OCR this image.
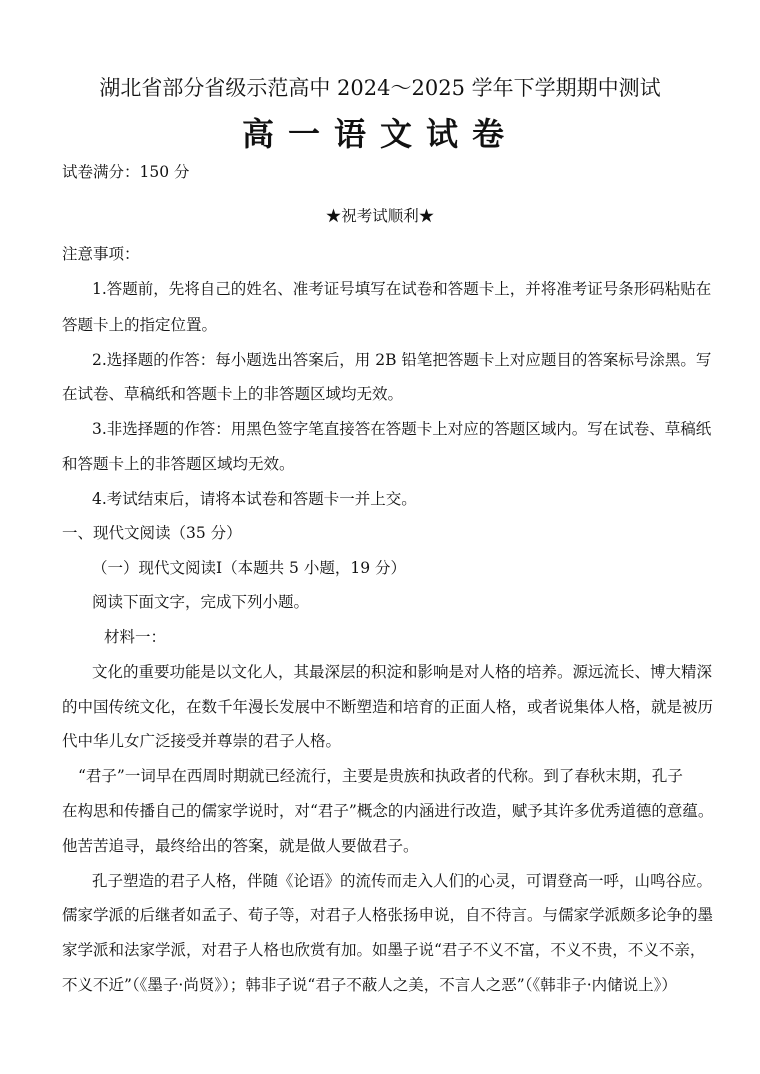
湖北省部分省级示范高中 2024～2025 学年下学期期中测试
高一语文试卷
试卷满分：150 分
★祝考试顺利★
注意事项：
1.答题前，先将自己的姓名、准考证号填写在试卷和答题卡上，并将准考证号条形码粘贴在
答题卡上的指定位置。
2.选择题的作答：每小题选出答案后，用 2B 铅笔把答题卡上对应题目的答案标号涂黑。写
在试卷、草稿纸和答题卡上的非答题区域均无效。
3.非选择题的作答：用黑色签字笔直接答在答题卡上对应的答题区域内。写在试卷、草稿纸
和答题卡上的非答题区域均无效。
4.考试结束后，请将本试卷和答题卡一并上交。
一、现代文阅读（35 分）
（一）现代文阅读Ⅰ（本题共 5 小题，19 分）
阅读下面文字，完成下列小题。
材料一：
文化的重要功能是以文化人，其最深层的积淀和影响是对人格的培养。源远流长、博大精深
的中国传统文化，在数千年漫长发展中不断塑造和培育的正面人格，或者说集体人格，就是被历
代中华儿女广泛接受并尊崇的君子人格。
“君子”一词早在西周时期就已经流行，主要是贵族和执政者的代称。到了春秋末期，孔子
在构思和传播自己的儒家学说时，对“君子”概念的内涵进行改造，赋予其许多优秀道德的意蕴。
他苦苦追寻，最终给出的答案，就是做人要做君子。
孔子塑造的君子人格，伴随《论语》的流传而走入人们的心灵，可谓登高一呼，山鸣谷应。
儒家学派的后继者如孟子、荀子等，对君子人格张扬申说，自不待言。与儒家学派颇多论争的墨
家学派和法家学派，对君子人格也欣赏有加。如墨子说“君子不义不富，不义不贵，不义不亲，
不义不近”（《墨子·尚贤》）；韩非子说“君子不蔽人之美，不言人之恶”（《韩非子·内储说上》）
